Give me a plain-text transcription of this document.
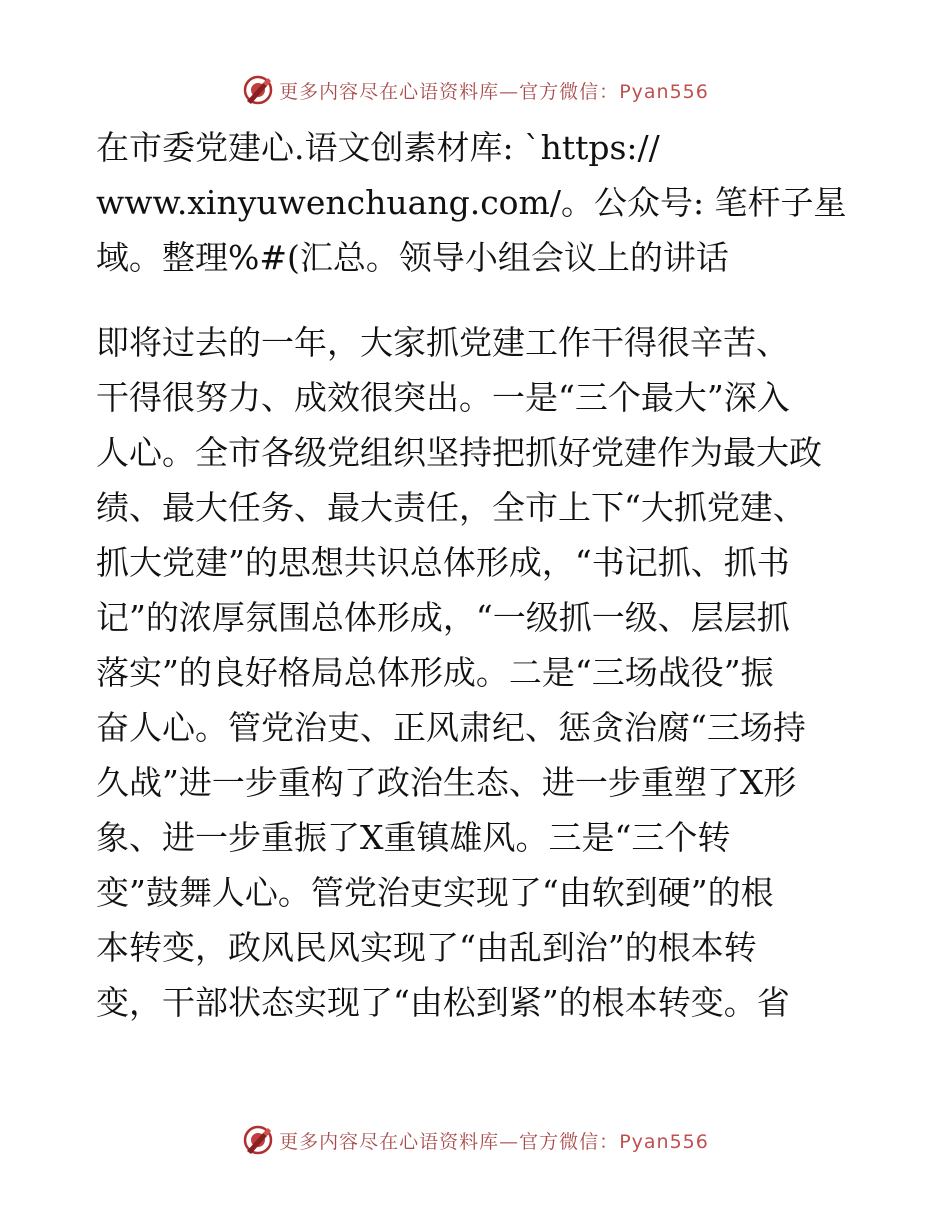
更多内容尽在心语资料库—官方微信：Pyan556
在市委党建心.语文创素材库: `https://
www.xinyuwenchuang.com/。公众号: 笔杆子星
域。整理%#(汇总。领导小组会议上的讲话
即将过去的一年，大家抓党建工作干得很辛苦、
干得很努力、成效很突出。一是“三个最大”深入
人心。全市各级党组织坚持把抓好党建作为最大政
绩、最大任务、最大责任，全市上下“大抓党建、
抓大党建”的思想共识总体形成，“书记抓、抓书
记”的浓厚氛围总体形成，“一级抓一级、层层抓
落实”的良好格局总体形成。二是“三场战役”振
奋人心。管党治吏、正风肃纪、惩贪治腐“三场持
久战”进一步重构了政治生态、进一步重塑了X形
象、进一步重振了X重镇雄风。三是“三个转
变”鼓舞人心。管党治吏实现了“由软到硬”的根
本转变，政风民风实现了“由乱到治”的根本转
变，干部状态实现了“由松到紧”的根本转变。省
更多内容尽在心语资料库—官方微信：Pyan556
